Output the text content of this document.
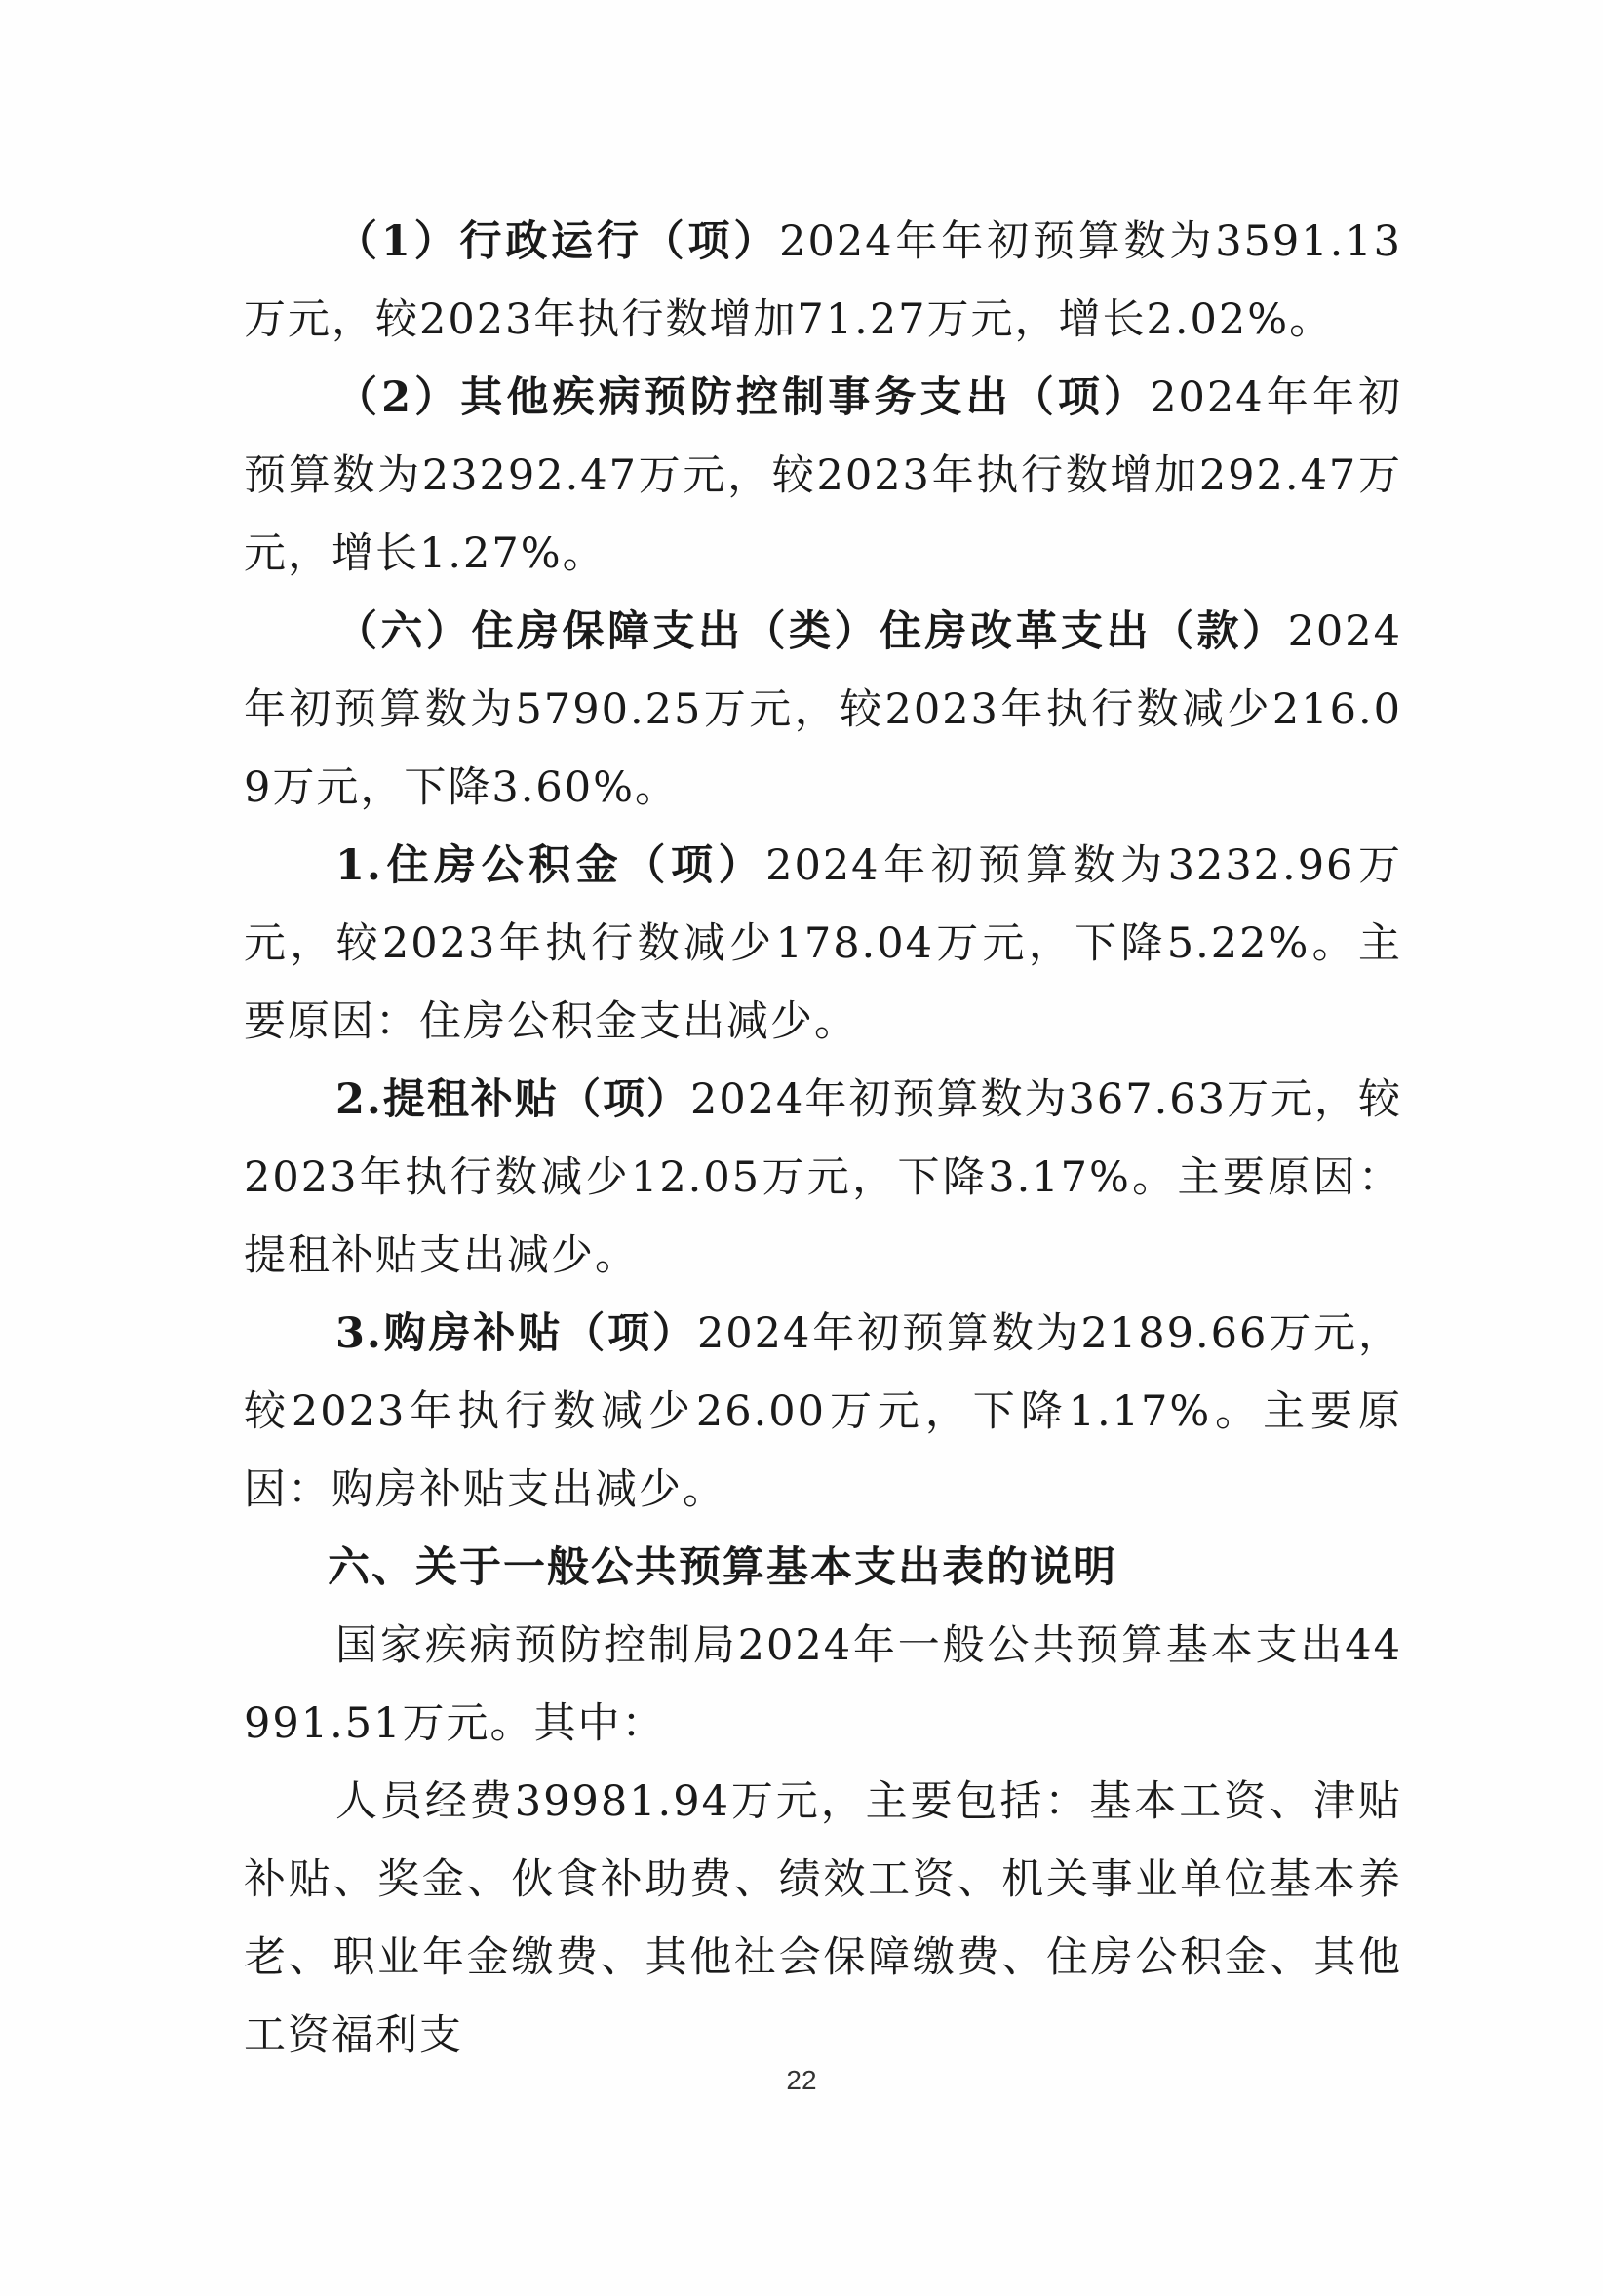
（1）行政运行（项）2024年年初预算数为3591.13万元，较2023年执行数增加71.27万元，增长2.02%。

（2）其他疾病预防控制事务支出（项）2024年年初预算数为23292.47万元，较2023年执行数增加292.47万元，增长1.27%。

（六）住房保障支出（类）住房改革支出（款）2024年初预算数为5790.25万元，较2023年执行数减少216.09万元，下降3.60%。

1.住房公积金（项）2024年初预算数为3232.96万元，较2023年执行数减少178.04万元，下降5.22%。主要原因：住房公积金支出减少。

2.提租补贴（项）2024年初预算数为367.63万元，较2023年执行数减少12.05万元，下降3.17%。主要原因：提租补贴支出减少。

3.购房补贴（项）2024年初预算数为2189.66万元，较2023年执行数减少26.00万元，下降1.17%。主要原因：购房补贴支出减少。

六、关于一般公共预算基本支出表的说明

国家疾病预防控制局2024年一般公共预算基本支出44991.51万元。其中：

人员经费39981.94万元，主要包括：基本工资、津贴补贴、奖金、伙食补助费、绩效工资、机关事业单位基本养老、职业年金缴费、其他社会保障缴费、住房公积金、其他工资福利支

22
